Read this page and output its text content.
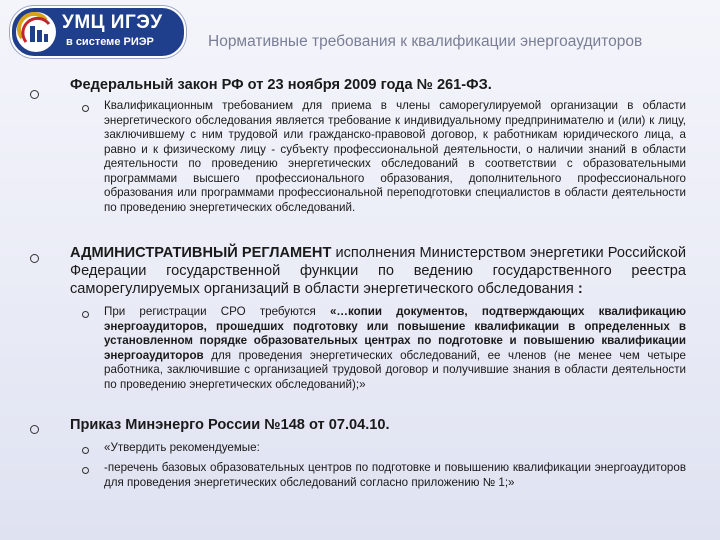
УМЦ ИГЭУ
в системе РИЭР	Нормативные требования к квалификации энергоаудиторов
Федеральный закон РФ от 23 ноября 2009 года № 261-ФЗ.
Квалификационным требованием для приема в члены саморегулируемой организации в области энергетического обследования является требование к индивидуальному предпринимателю и (или) к лицу, заключившему с ним трудовой или гражданско-правовой договор, к работникам юридического лица, а равно и к физическому лицу - субъекту профессиональной деятельности, о наличии знаний в области деятельности по проведению энергетических обследований в соответствии с образовательными программами высшего профессионального образования, дополнительного профессионального образования или программами профессиональной переподготовки специалистов в области деятельности по проведению энергетических обследований.
АДМИНИСТРАТИВНЫЙ РЕГЛАМЕНТ исполнения Министерством энергетики Российской Федерации государственной функции по ведению государственного реестра саморегулируемых организаций в области энергетического обследования :
При регистрации СРО требуются «…копии документов, подтверждающих квалификацию энергоаудиторов, прошедших подготовку или повышение квалификации в определенных в установленном порядке образовательных центрах по подготовке и повышению квалификации энергоаудиторов для проведения энергетических обследований, ее членов (не менее чем четыре работника, заключившие с организацией трудовой договор и получившие знания в области деятельности по проведению энергетических обследований);»
Приказ Минэнерго России №148 от 07.04.10.
«Утвердить рекомендуемые:
-перечень базовых образовательных центров по подготовке и повышению квалификации энергоаудиторов для проведения энергетических обследований согласно приложению № 1;»
